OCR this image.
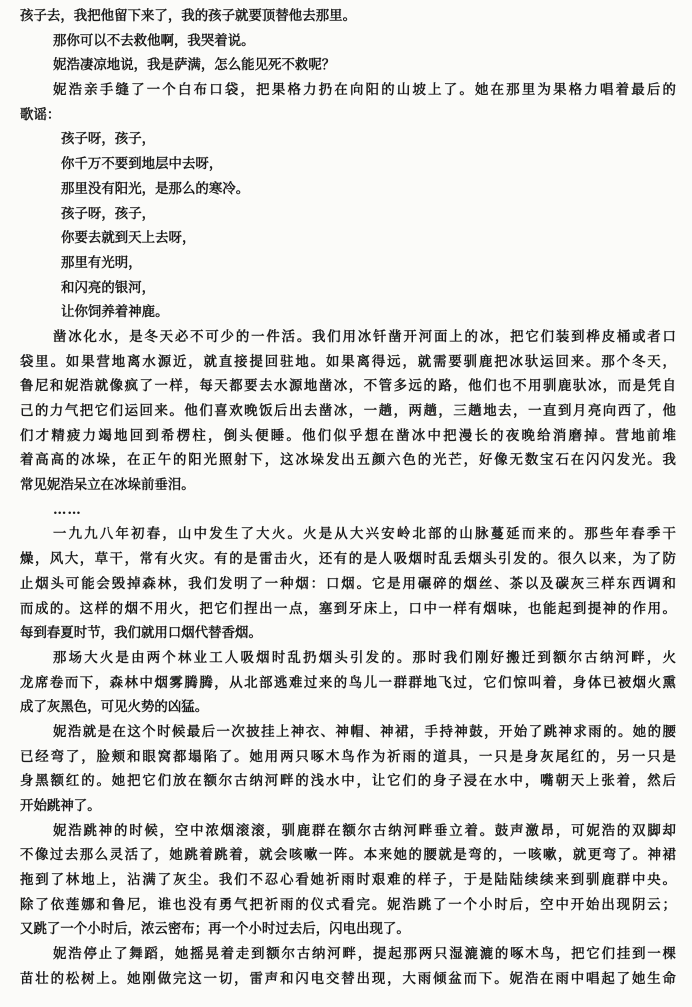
孩子去，我把他留下来了，我的孩子就要顶替他去那里。
那你可以不去救他啊，我哭着说。
妮浩凄凉地说，我是萨满，怎么能见死不救呢？
妮浩亲手缝了一个白布口袋，把果格力扔在向阳的山坡上了。她在那里为果格力唱着最后的
歌谣：
孩子呀，孩子，
你千万不要到地层中去呀，
那里没有阳光，是那么的寒冷。
孩子呀，孩子，
你要去就到天上去呀，
那里有光明，
和闪亮的银河，
让你饲养着神鹿。
凿冰化水，是冬天必不可少的一件活。我们用冰钎凿开河面上的冰，把它们装到桦皮桶或者口
袋里。如果营地离水源近，就直接提回驻地。如果离得远，就需要驯鹿把冰驮运回来。那个冬天，
鲁尼和妮浩就像疯了一样，每天都要去水源地凿冰，不管多远的路，他们也不用驯鹿驮冰，而是凭自
己的力气把它们运回来。他们喜欢晚饭后出去凿冰，一趟，两趟，三趟地去，一直到月亮向西了，他
们才精疲力竭地回到希楞柱，倒头便睡。他们似乎想在凿冰中把漫长的夜晚给消磨掉。营地前堆
着高高的冰垛，在正午的阳光照射下，这冰垛发出五颜六色的光芒，好像无数宝石在闪闪发光。我
常见妮浩呆立在冰垛前垂泪。
……
一九九八年初春，山中发生了大火。火是从大兴安岭北部的山脉蔓延而来的。那些年春季干
燥，风大，草干，常有火灾。有的是雷击火，还有的是人吸烟时乱丢烟头引发的。很久以来，为了防
止烟头可能会毁掉森林，我们发明了一种烟：口烟。它是用碾碎的烟丝、茶以及碳灰三样东西调和
而成的。这样的烟不用火，把它们捏出一点，塞到牙床上，口中一样有烟味，也能起到提神的作用。
每到春夏时节，我们就用口烟代替香烟。
那场大火是由两个林业工人吸烟时乱扔烟头引发的。那时我们刚好搬迁到额尔古纳河畔，火
龙席卷而下，森林中烟雾腾腾，从北部逃难过来的鸟儿一群群地飞过，它们惊叫着，身体已被烟火熏
成了灰黑色，可见火势的凶猛。
妮浩就是在这个时候最后一次披挂上神衣、神帽、神裙，手持神鼓，开始了跳神求雨的。她的腰
已经弯了，脸颊和眼窝都塌陷了。她用两只啄木鸟作为祈雨的道具，一只是身灰尾红的，另一只是
身黑额红的。她把它们放在额尔古纳河畔的浅水中，让它们的身子浸在水中，嘴朝天上张着，然后
开始跳神了。
妮浩跳神的时候，空中浓烟滚滚，驯鹿群在额尔古纳河畔垂立着。鼓声激昂，可妮浩的双脚却
不像过去那么灵活了，她跳着跳着，就会咳嗽一阵。本来她的腰就是弯的，一咳嗽，就更弯了。神裙
拖到了林地上，沾满了灰尘。我们不忍心看她祈雨时艰难的样子，于是陆陆续续来到驯鹿群中央。
除了依莲娜和鲁尼，谁也没有勇气把祈雨的仪式看完。妮浩跳了一个小时后，空中开始出现阴云；
又跳了一个小时后，浓云密布；再一个小时过去后，闪电出现了。
妮浩停止了舞蹈，她摇晃着走到额尔古纳河畔，提起那两只湿漉漉的啄木鸟，把它们挂到一棵
苗壮的松树上。她刚做完这一切，雷声和闪电交替出现，大雨倾盆而下。妮浩在雨中唱起了她生命
